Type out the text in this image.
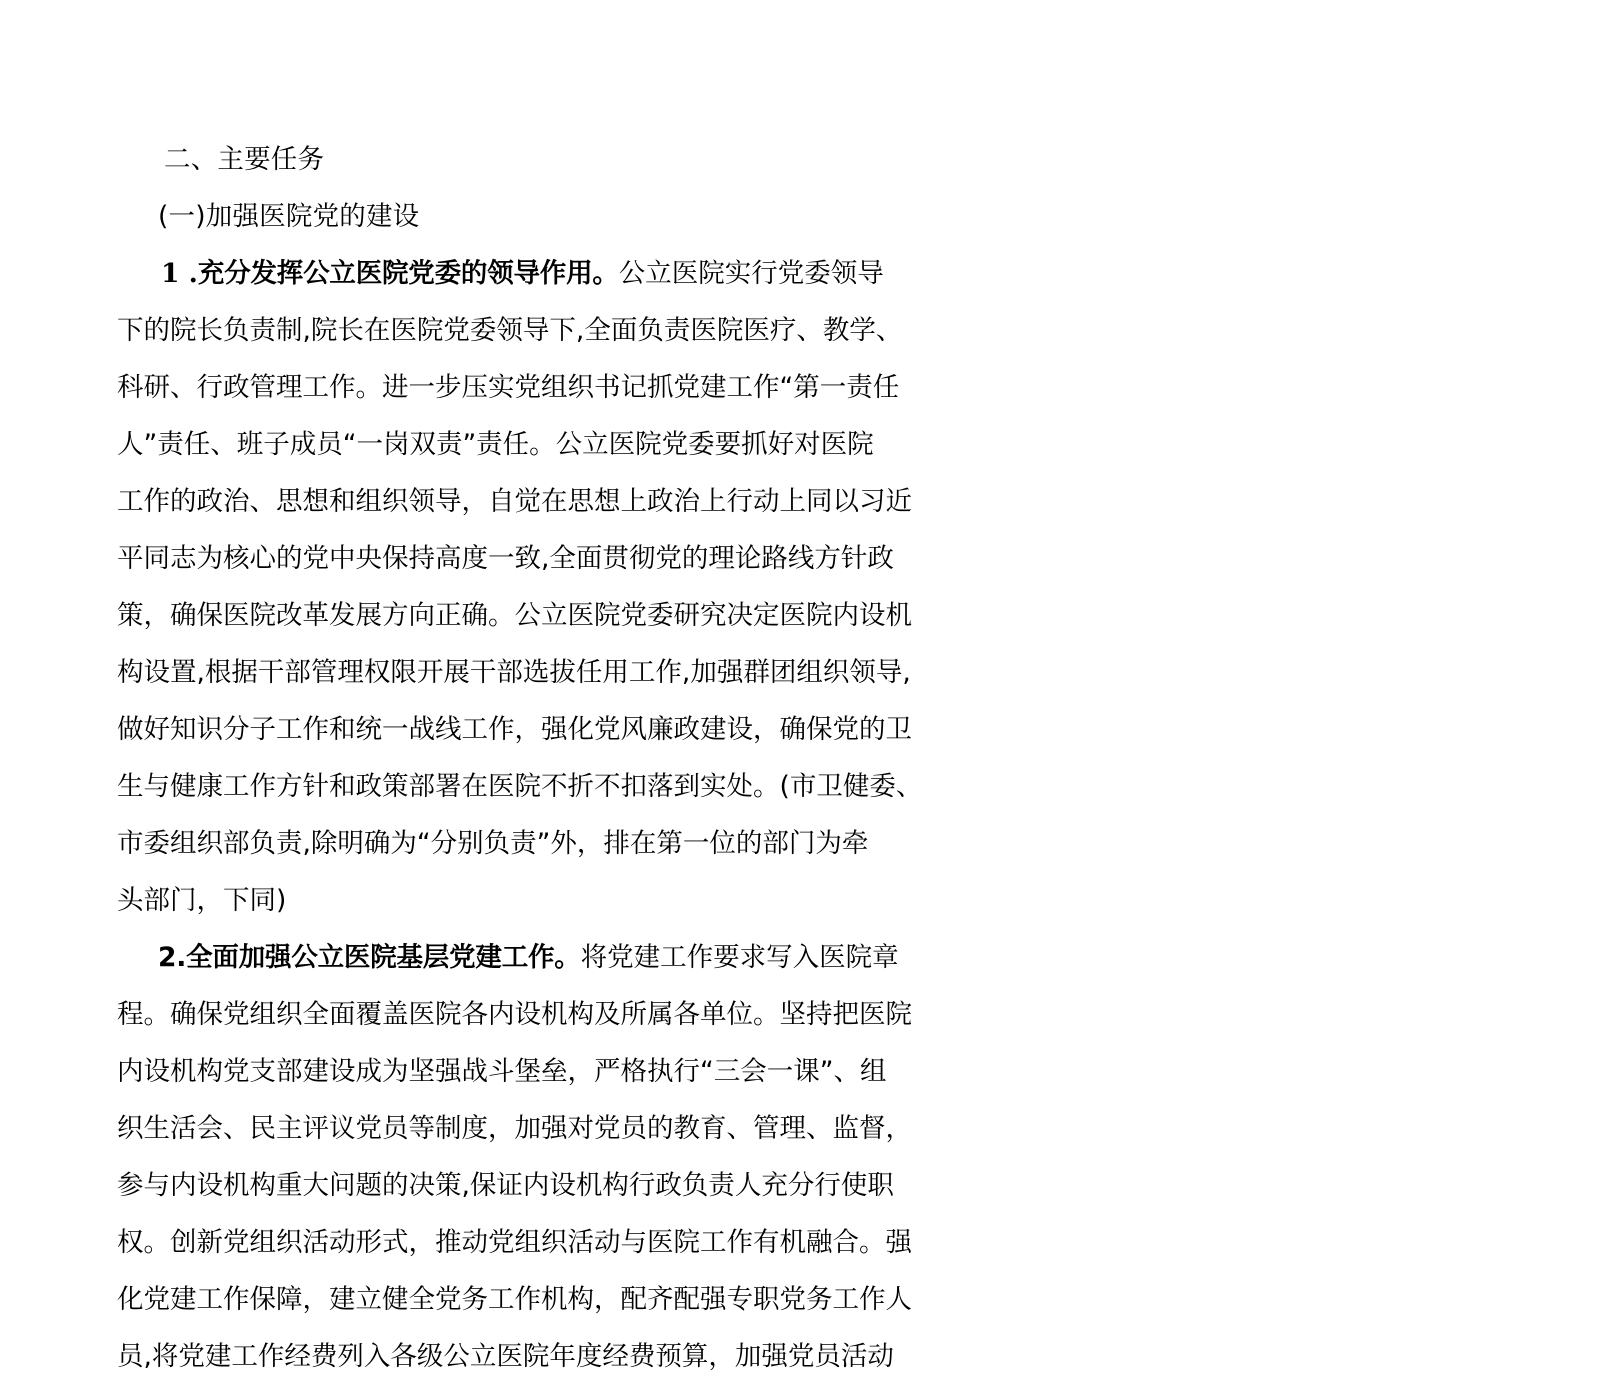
二、主要任务
(一)加强医院党的建设
1 .充分发挥公立医院党委的领导作用。公立医院实行党委领导
下的院长负责制,院长在医院党委领导下,全面负责医院医疗、教学、
科研、行政管理工作。进一步压实党组织书记抓党建工作“第一责任
人”责任、班子成员“一岗双责”责任。公立医院党委要抓好对医院
工作的政治、思想和组织领导，自觉在思想上政治上行动上同以习近
平同志为核心的党中央保持高度一致,全面贯彻党的理论路线方针政
策，确保医院改革发展方向正确。公立医院党委研究决定医院内设机
构设置,根据干部管理权限开展干部选拔任用工作,加强群团组织领导,
做好知识分子工作和统一战线工作，强化党风廉政建设，确保党的卫
生与健康工作方针和政策部署在医院不折不扣落到实处。(市卫健委、
市委组织部负责,除明确为“分别负责”外，排在第一位的部门为牵
头部门，下同)
2.全面加强公立医院基层党建工作。将党建工作要求写入医院章
程。确保党组织全面覆盖医院各内设机构及所属各单位。坚持把医院
内设机构党支部建设成为坚强战斗堡垒，严格执行“三会一课”、组
织生活会、民主评议党员等制度，加强对党员的教育、管理、监督，
参与内设机构重大问题的决策,保证内设机构行政负责人充分行使职
权。创新党组织活动形式，推动党组织活动与医院工作有机融合。强
化党建工作保障，建立健全党务工作机构，配齐配强专职党务工作人
员,将党建工作经费列入各级公立医院年度经费预算，加强党员活动
